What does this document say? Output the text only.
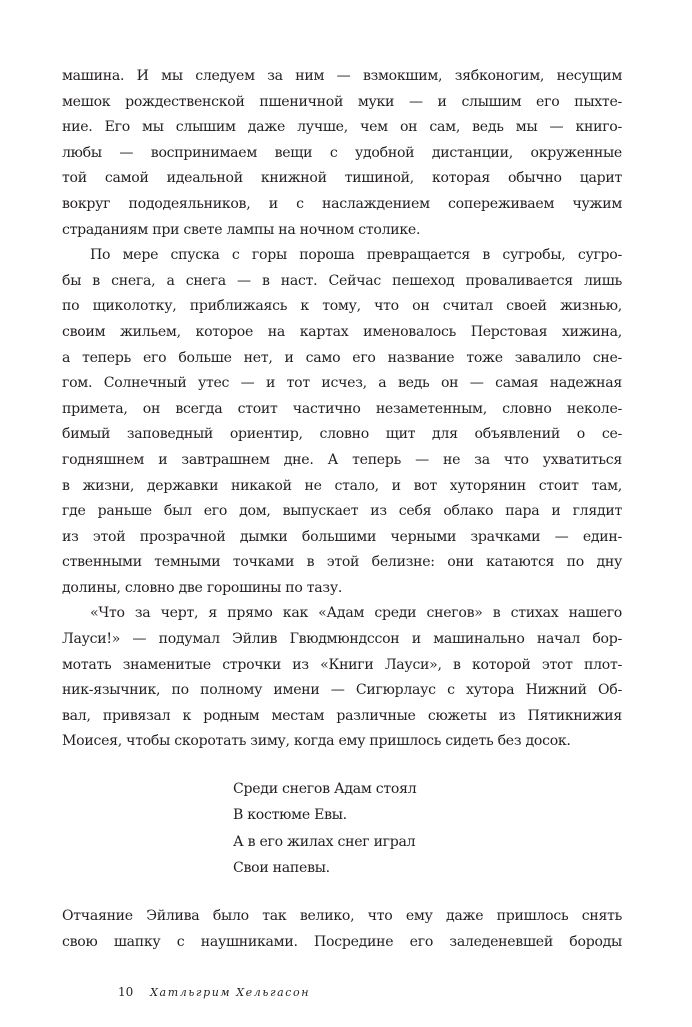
машина. И мы следуем за ним — взмокшим, зябконогим, несущим
мешок рождественской пшеничной муки — и слышим его пыхте-
ние. Его мы слышим даже лучше, чем он сам, ведь мы — книго-
любы — воспринимаем вещи с удобной дистанции, окруженные
той самой идеальной книжной тишиной, которая обычно царит
вокруг пододеяльников, и с наслаждением сопереживаем чужим
страданиям при свете лампы на ночном столике.
По мере спуска с горы пороша превращается в сугробы, сугро-
бы в снега, а снега — в наст. Сейчас пешеход проваливается лишь
по щиколотку, приближаясь к тому, что он считал своей жизнью,
своим жильем, которое на картах именовалось Перстовая хижина,
а теперь его больше нет, и само его название тоже завалило сне-
гом. Солнечный утес — и тот исчез, а ведь он — самая надежная
примета, он всегда стоит частично незаметенным, словно неколе-
бимый заповедный ориентир, словно щит для объявлений о се-
годняшнем и завтрашнем дне. А теперь — не за что ухватиться
в жизни, державки никакой не стало, и вот хуторянин стоит там,
где раньше был его дом, выпускает из себя облако пара и глядит
из этой прозрачной дымки большими черными зрачками — един-
ственными темными точками в этой белизне: они катаются по дну
долины, словно две горошины по тазу.
«Что за черт, я прямо как «Адам среди снегов» в стихах нашего
Лауси!» — подумал Эйлив Гвюдмюндссон и машинально начал бор-
мотать знаменитые строчки из «Книги Лауси», в которой этот плот-
ник-язычник, по полному имени — Сигюрлаус с хутора Нижний Об-
вал, привязал к родным местам различные сюжеты из Пятикнижия
Моисея, чтобы скоротать зиму, когда ему пришлось сидеть без досок.
Среди снегов Адам стоял
В костюме Евы.
А в его жилах снег играл
Свои напевы.
Отчаяние Эйлива было так велико, что ему даже пришлось снять
свою шапку с наушниками. Посредине его заледеневшей бороды
10 Хатльгрим Хельгасон
